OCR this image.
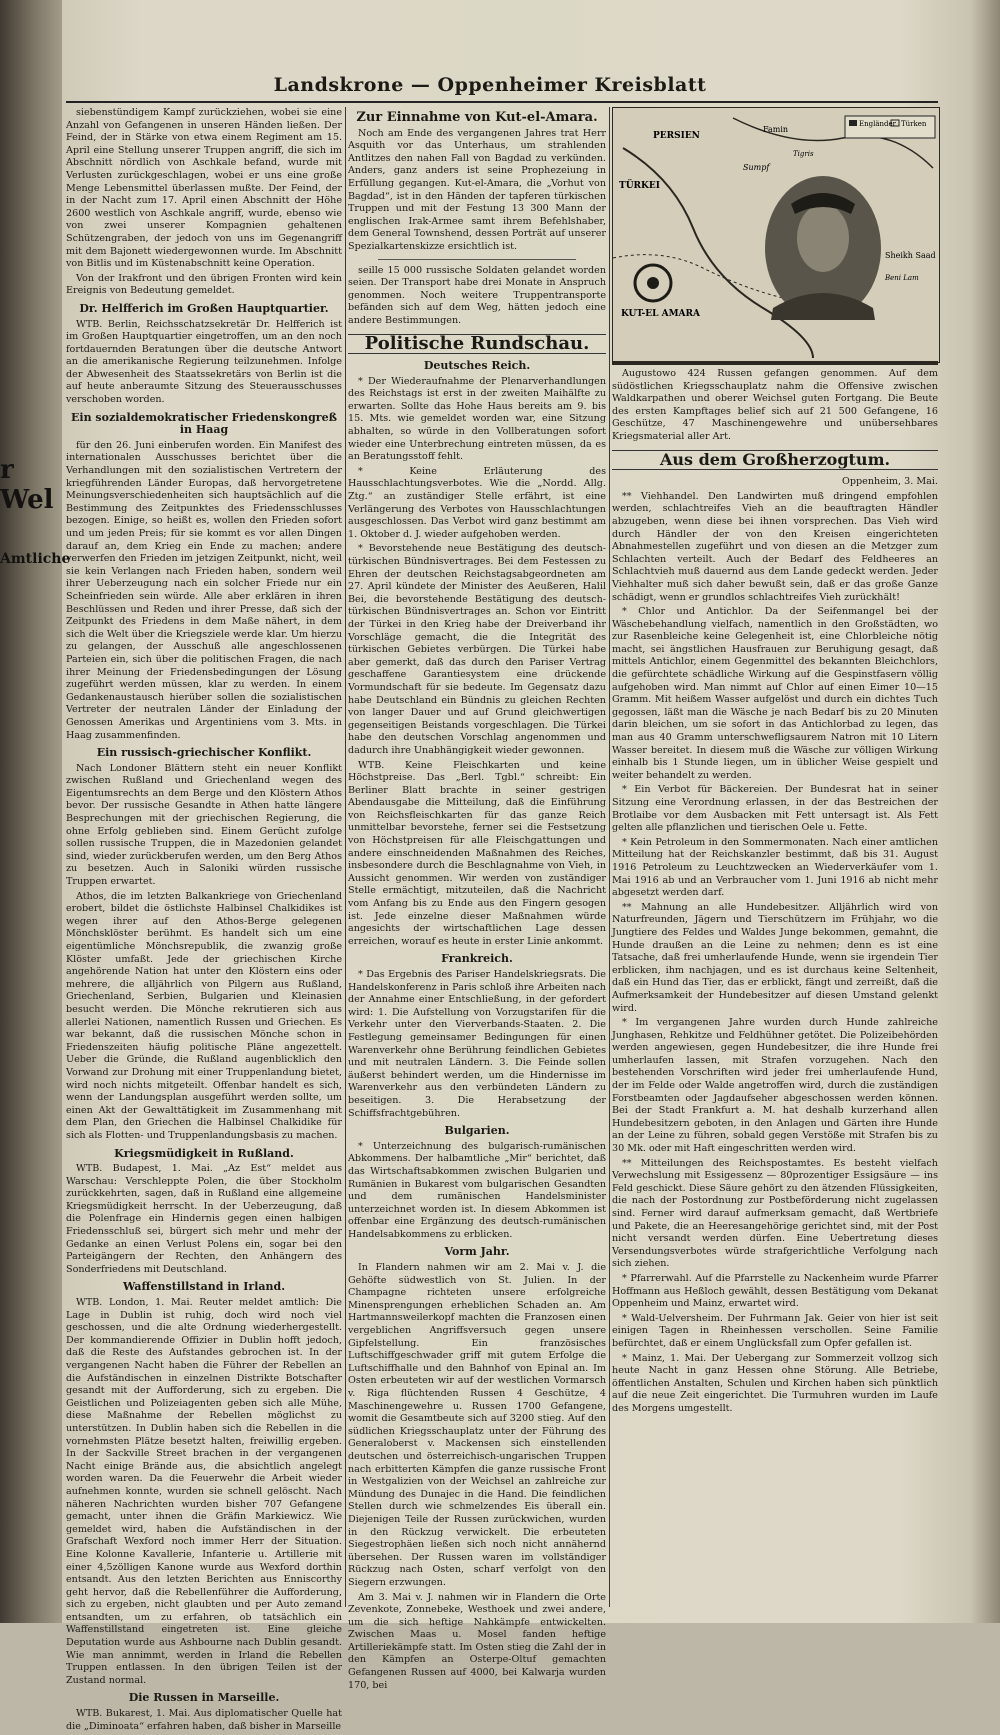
r Wel
Amtliche
Landskrone — Oppenheimer Kreisblatt

siebenstündigem Kampf zurückziehen, wobei sie eine Anzahl von Gefangenen in unseren Händen ließen. Der Feind, der in Stärke von etwa einem Regiment am 15. April eine Stellung unserer Truppen angriff, die sich im Abschnitt nördlich von Aschkale befand, wurde mit Verlusten zurückgeschlagen, wobei er uns eine große Menge Lebensmittel überlassen mußte. Der Feind, der in der Nacht zum 17. April einen Abschnitt der Höhe 2600 westlich von Aschkale angriff, wurde, ebenso wie von zwei unserer Kompagnien gehaltenen Schützengraben, der jedoch von uns im Gegenangriff mit dem Bajonett wiedergewonnen wurde. Im Abschnitt von Bitlis und im Küstenabschnitt keine Operation.

Von der Irakfront und den übrigen Fronten wird kein Ereignis von Bedeutung gemeldet.

Dr. Helfferich im Großen Hauptquartier.

WTB. Berlin, Reichsschatzsekretär Dr. Helfferich ist im Großen Hauptquartier eingetroffen, um an den noch fortdauernden Beratungen über die deutsche Antwort an die amerikanische Regierung teilzunehmen. Infolge der Abwesenheit des Staatssekretärs von Berlin ist die auf heute anberaumte Sitzung des Steuerausschusses verschoben worden.

Ein sozialdemokratischer Friedenskongreß in Haag

für den 26. Juni einberufen worden. Ein Manifest des internationalen Ausschusses berichtet über die Verhandlungen mit den sozialistischen Vertretern der kriegführenden Länder Europas, daß hervorgetretene Meinungsverschiedenheiten sich hauptsächlich auf die Bestimmung des Zeitpunktes des Friedensschlusses bezogen. Einige, so heißt es, wollen den Frieden sofort und um jeden Preis; für sie kommt es vor allen Dingen darauf an, dem Krieg ein Ende zu machen; andere verwerfen den Frieden im jetzigen Zeitpunkt, nicht, weil sie kein Verlangen nach Frieden haben, sondern weil ihrer Ueberzeugung nach ein solcher Friede nur ein Scheinfrieden sein würde. Alle aber erklären in ihren Beschlüssen und Reden und ihrer Presse, daß sich der Zeitpunkt des Friedens in dem Maße nähert, in dem sich die Welt über die Kriegsziele werde klar. Um hierzu zu gelangen, der Ausschuß alle angeschlossenen Parteien ein, sich über die politischen Fragen, die nach ihrer Meinung der Friedensbedingungen der Lösung zugeführt werden müssen, klar zu werden. In einem Gedankenaustausch hierüber sollen die sozialistischen Vertreter der neutralen Länder der Einladung der Genossen Amerikas und Argentiniens vom 3. Mts. in Haag zusammenfinden.

Ein russisch-griechischer Konflikt.

Nach Londoner Blättern steht ein neuer Konflikt zwischen Rußland und Griechenland wegen des Eigentumsrechts an dem Berge und den Klöstern Athos bevor. Der russische Gesandte in Athen hatte längere Besprechungen mit der griechischen Regierung, die ohne Erfolg geblieben sind. Einem Gerücht zufolge sollen russische Truppen, die in Mazedonien gelandet sind, wieder zurückberufen werden, um den Berg Athos zu besetzen. Auch in Saloniki würden russische Truppen erwartet.

Athos, die im letzten Balkankriege von Griechenland erobert, bildet die östlichste Halbinsel Chalkidikes ist wegen ihrer auf den Athos-Berge gelegenen Mönchsklöster berühmt. Es handelt sich um eine eigentümliche Mönchsrepublik, die zwanzig große Klöster umfaßt. Jede der griechischen Kirche angehörende Nation hat unter den Klöstern eins oder mehrere, die alljährlich von Pilgern aus Rußland, Griechenland, Serbien, Bulgarien und Kleinasien besucht werden. Die Mönche rekrutieren sich aus allerlei Nationen, namentlich Russen und Griechen. Es war bekannt, daß die russischen Mönche schon in Friedenszeiten häufig politische Pläne angezettelt. Ueber die Gründe, die Rußland augenblicklich den Vorwand zur Drohung mit einer Truppenlandung bietet, wird noch nichts mitgeteilt. Offenbar handelt es sich, wenn der Landungsplan ausgeführt werden sollte, um einen Akt der Gewalttätigkeit im Zusammenhang mit dem Plan, den Griechen die Halbinsel Chalkidike für sich als Flotten- und Truppenlandungsbasis zu machen.

Kriegsmüdigkeit in Rußland.

WTB. Budapest, 1. Mai. „Az Est“ meldet aus Warschau: Verschleppte Polen, die über Stockholm zurückkehrten, sagen, daß in Rußland eine allgemeine Kriegsmüdigkeit herrscht. In der Ueberzeugung, daß die Polenfrage ein Hindernis gegen einen halbigen Friedensschluß sei, bürgert sich mehr und mehr der Gedanke an einen Verlust Polens ein, sogar bei den Parteigängern der Rechten, den Anhängern des Sonderfriedens mit Deutschland.

Waffenstillstand in Irland.

WTB. London, 1. Mai. Reuter meldet amtlich: Die Lage in Dublin ist ruhig, doch wird noch viel geschossen, und die alte Ordnung wiederhergestellt. Der kommandierende Offizier in Dublin hofft jedoch, daß die Reste des Aufstandes gebrochen ist. In der vergangenen Nacht haben die Führer der Rebellen an die Aufständischen in einzelnen Distrikte Botschafter gesandt mit der Aufforderung, sich zu ergeben. Die Geistlichen und Polizeiagenten geben sich alle Mühe, diese Maßnahme der Rebellen möglichst zu unterstützen. In Dublin haben sich die Rebellen in die vornehmsten Plätze besetzt halten, freiwillig ergeben. In der Sackville Street brachen in der vergangenen Nacht einige Brände aus, die absichtlich angelegt worden waren. Da die Feuerwehr die Arbeit wieder aufnehmen konnte, wurden sie schnell gelöscht. Nach näheren Nachrichten wurden bisher 707 Gefangene gemacht, unter ihnen die Gräfin Markiewicz. Wie gemeldet wird, haben die Aufständischen in der Grafschaft Wexford noch immer Herr der Situation. Eine Kolonne Kavallerie, Infanterie u. Artillerie mit einer 4,5zölligen Kanone wurde aus Wexford dorthin entsandt. Aus den letzten Berichten aus Enniscorthy geht hervor, daß die Rebellenführer die Aufforderung, sich zu ergeben, nicht glaubten und per Auto zemand entsandten, um zu erfahren, ob tatsächlich ein Waffenstillstand eingetreten ist. Eine gleiche Deputation wurde aus Ashbourne nach Dublin gesandt. Wie man annimmt, werden in Irland die Rebellen Truppen entlassen. In den übrigen Teilen ist der Zustand normal.

Die Russen in Marseille.

WTB. Bukarest, 1. Mai. Aus diplomatischer Quelle hat die „Diminoata“ erfahren haben, daß bisher in Marseille

Zur Einnahme von Kut-el-Amara.

Noch am Ende des vergangenen Jahres trat Herr Asquith vor das Unterhaus, um strahlenden Antlitzes den nahen Fall von Bagdad zu verkünden. Anders, ganz anders ist seine Prophezeiung in Erfüllung gegangen. Kut-el-Amara, die „Vorhut von Bagdad“, ist in den Händen der tapferen türkischen Truppen und mit der Festung 13 300 Mann der englischen Irak-Armee samt ihrem Befehlshaber, dem General Townshend, dessen Porträt auf unserer Spezialkartenskizze ersichtlich ist.

seille 15 000 russische Soldaten gelandet worden seien. Der Transport habe drei Monate in Anspruch genommen. Noch weitere Truppentransporte befänden sich auf dem Weg, hätten jedoch eine andere Bestimmungen.

Politische Rundschau.
Deutsches Reich.

* Der Wiederaufnahme der Plenarverhandlungen des Reichstags ist erst in der zweiten Maihälfte zu erwarten. Sollte das Hohe Haus bereits am 9. bis 15. Mts. wie gemeldet worden war, eine Sitzung abhalten, so würde in den Vollberatungen sofort wieder eine Unterbrechung eintreten müssen, da es an Beratungsstoff fehlt.

* Keine Erläuterung des Hausschlachtungsverbotes. Wie die „Nordd. Allg. Ztg.“ an zuständiger Stelle erfährt, ist eine Verlängerung des Verbotes von Hausschlachtungen ausgeschlossen. Das Verbot wird ganz bestimmt am 1. Oktober d. J. wieder aufgehoben werden.

* Bevorstehende neue Bestätigung des deutsch-türkischen Bündnisvertrages. Bei dem Festessen zu Ehren der deutschen Reichstagsabgeordneten am 27. April kündete der Minister des Aeußeren, Halil Bei, die bevorstehende Bestätigung des deutsch-türkischen Bündnisvertrages an. Schon vor Eintritt der Türkei in den Krieg habe der Dreiverband ihr Vorschläge gemacht, die die Integrität des türkischen Gebietes verbürgen. Die Türkei habe aber gemerkt, daß das durch den Pariser Vertrag geschaffene Garantiesystem eine drückende Vormundschaft für sie bedeute. Im Gegensatz dazu habe Deutschland ein Bündnis zu gleichen Rechten von langer Dauer und auf Grund gleichwertigen gegenseitigen Beistands vorgeschlagen. Die Türkei habe den deutschen Vorschlag angenommen und dadurch ihre Unabhängigkeit wieder gewonnen.

WTB. Keine Fleischkarten und keine Höchstpreise. Das „Berl. Tgbl.“ schreibt: Ein Berliner Blatt brachte in seiner gestrigen Abendausgabe die Mitteilung, daß die Einführung von Reichsfleischkarten für das ganze Reich unmittelbar bevorstehe, ferner sei die Festsetzung von Höchstpreisen für alle Fleischgattungen und andere einschneidenden Maßnahmen des Reiches, insbesondere durch die Beschlagnahme von Vieh, in Aussicht genommen. Wir werden von zuständiger Stelle ermächtigt, mitzuteilen, daß die Nachricht vom Anfang bis zu Ende aus den Fingern gesogen ist. Jede einzelne dieser Maßnahmen würde angesichts der wirtschaftlichen Lage dessen erreichen, worauf es heute in erster Linie ankommt.

Frankreich.

* Das Ergebnis des Pariser Handelskriegsrats. Die Handelskonferenz in Paris schloß ihre Arbeiten nach der Annahme einer Entschließung, in der gefordert wird: 1. Die Aufstellung von Vorzugstarifen für die Verkehr unter den Vierverbands-Staaten. 2. Die Festlegung gemeinsamer Bedingungen für einen Warenverkehr ohne Berührung feindlichen Gebietes und mit neutralen Ländern. 3. Die Feinde sollen äußerst behindert werden, um die Hindernisse im Warenverkehr aus den verbündeten Ländern zu beseitigen. 3. Die Herabsetzung der Schiffsfrachtgebühren.

Bulgarien.

* Unterzeichnung des bulgarisch-rumänischen Abkommens. Der halbamtliche „Mir“ berichtet, daß das Wirtschaftsabkommen zwischen Bulgarien und Rumänien in Bukarest vom bulgarischen Gesandten und dem rumänischen Handelsminister unterzeichnet worden ist. In diesem Abkommen ist offenbar eine Ergänzung des deutsch-rumänischen Handelsabkommens zu erblicken.

Vorm Jahr.

In Flandern nahmen wir am 2. Mai v. J. die Gehöfte südwestlich von St. Julien. In der Champagne richteten unsere erfolgreiche Minensprengungen erheblichen Schaden an. Am Hartmannsweilerkopf machten die Franzosen einen vergeblichen Angriffsversuch gegen unsere Gipfelstellung. Ein französisches Luftschiffgeschwader griff mit gutem Erfolge die Luftschiffhalle und den Bahnhof von Epinal an. Im Osten erbeuteten wir auf der westlichen Vormarsch v. Riga flüchtenden Russen 4 Geschütze, 4 Maschinengewehre u. Russen 1700 Gefangene, womit die Gesamtbeute sich auf 3200 stieg. Auf den südlichen Kriegsschauplatz unter der Führung des Generaloberst v. Mackensen sich einstellenden deutschen und österreichisch-ungarischen Truppen nach erbitterten Kämpfen die ganze russische Front in Westgalizien von der Weichsel an zahlreiche zur Mündung des Dunajec in die Hand. Die feindlichen Stellen durch wie schmelzendes Eis überall ein. Diejenigen Teile der Russen zurückwichen, wurden in den Rückzug verwickelt. Die erbeuteten Siegestrophäen ließen sich noch nicht annähernd übersehen. Der Russen waren im vollständiger Rückzug nach Osten, scharf verfolgt von den Siegern erzwungen.

Am 3. Mai v. J. nahmen wir in Flandern die Orte Zevenkote, Zonnebeke, Westhoek und zwei andere, um die sich heftige Nahkämpfe entwickelten. Zwischen Maas u. Mosel fanden heftige Artilleriekämpfe statt. Im Osten stieg die Zahl der in den Kämpfen an Osterpe-Oltuf gemachten Gefangenen Russen auf 4000, bei Kalwarja wurden 170, bei

Engländer Türken
PERSIEN
TÜRKEI
Famin
Sumpf
KUT-EL AMARA
Sheikh Saad
Beni Lam
Tigris

Augustowo 424 Russen gefangen genommen. Auf dem südöstlichen Kriegsschauplatz nahm die Offensive zwischen Waldkarpathen und oberer Weichsel guten Fortgang. Die Beute des ersten Kampftages belief sich auf 21 500 Gefangene, 16 Geschütze, 47 Maschinengewehre und unübersehbares Kriegsmaterial aller Art.

Aus dem Großherzogtum.
Oppenheim, 3. Mai.

** Viehhandel. Den Landwirten muß dringend empfohlen werden, schlachtreifes Vieh an die beauftragten Händler abzugeben, wenn diese bei ihnen vorsprechen. Das Vieh wird durch Händler der von den Kreisen eingerichteten Abnahmestellen zugeführt und von diesen an die Metzger zum Schlachten verteilt. Auch der Bedarf des Feldheeres an Schlachtvieh muß dauernd aus dem Lande gedeckt werden. Jeder Viehhalter muß sich daher bewußt sein, daß er das große Ganze schädigt, wenn er grundlos schlachtreifes Vieh zurückhält!

* Chlor und Antichlor. Da der Seifenmangel bei der Wäschebehandlung vielfach, namentlich in den Großstädten, wo zur Rasenbleiche keine Gelegenheit ist, eine Chlorbleiche nötig macht, sei ängstlichen Hausfrauen zur Beruhigung gesagt, daß mittels Antichlor, einem Gegenmittel des bekannten Bleichchlors, die gefürchtete schädliche Wirkung auf die Gespinstfasern völlig aufgehoben wird. Man nimmt auf Chlor auf einen Eimer 10—15 Gramm. Mit heißem Wasser aufgelöst und durch ein dichtes Tuch gegossen, läßt man die Wäsche je nach Bedarf bis zu 20 Minuten darin bleichen, um sie sofort in das Antichlorbad zu legen, das man aus 40 Gramm unterschwefligsaurem Natron mit 10 Litern Wasser bereitet. In diesem muß die Wäsche zur völligen Wirkung einhalb bis 1 Stunde liegen, um in üblicher Weise gespielt und weiter behandelt zu werden.

* Ein Verbot für Bäckereien. Der Bundesrat hat in seiner Sitzung eine Verordnung erlassen, in der das Bestreichen der Brotlaibe vor dem Ausbacken mit Fett untersagt ist. Als Fett gelten alle pflanzlichen und tierischen Oele u. Fette.

* Kein Petroleum in den Sommermonaten. Nach einer amtlichen Mitteilung hat der Reichskanzler bestimmt, daß bis 31. August 1916 Petroleum zu Leuchtzwecken an Wiederverkäufer vom 1. Mai 1916 ab und an Verbraucher vom 1. Juni 1916 ab nicht mehr abgesetzt werden darf.

** Mahnung an alle Hundebesitzer. Alljährlich wird von Naturfreunden, Jägern und Tierschützern im Frühjahr, wo die Jungtiere des Feldes und Waldes Junge bekommen, gemahnt, die Hunde draußen an die Leine zu nehmen; denn es ist eine Tatsache, daß frei umherlaufende Hunde, wenn sie irgendein Tier erblicken, ihm nachjagen, und es ist durchaus keine Seltenheit, daß ein Hund das Tier, das er erblickt, fängt und zerreißt, daß die Aufmerksamkeit der Hundebesitzer auf diesen Umstand gelenkt wird.

* Im vergangenen Jahre wurden durch Hunde zahlreiche Junghasen, Rehkitze und Feldhühner getötet. Die Polizeibehörden werden angewiesen, gegen Hundebesitzer, die ihre Hunde frei umherlaufen lassen, mit Strafen vorzugehen. Nach den bestehenden Vorschriften wird jeder frei umherlaufende Hund, der im Felde oder Walde angetroffen wird, durch die zuständigen Forstbeamten oder Jagdaufseher abgeschossen werden können. Bei der Stadt Frankfurt a. M. hat deshalb kurzerhand allen Hundebesitzern geboten, in den Anlagen und Gärten ihre Hunde an der Leine zu führen, sobald gegen Verstöße mit Strafen bis zu 30 Mk. oder mit Haft eingeschritten werden wird.

** Mitteilungen des Reichspostamtes. Es besteht vielfach Verwechslung mit Essigessenz — 80prozentiger Essigsäure — ins Feld geschickt. Diese Säure gehört zu den ätzenden Flüssigkeiten, die nach der Postordnung zur Postbeförderung nicht zugelassen sind. Ferner wird darauf aufmerksam gemacht, daß Wertbriefe und Pakete, die an Heeresangehörige gerichtet sind, mit der Post nicht versandt werden dürfen. Eine Uebertretung dieses Versendungsverbotes würde strafgerichtliche Verfolgung nach sich ziehen.

* Pfarrerwahl. Auf die Pfarrstelle zu Nackenheim wurde Pfarrer Hoffmann aus Heßloch gewählt, dessen Bestätigung vom Dekanat Oppenheim und Mainz, erwartet wird.

* Wald-Uelversheim. Der Fuhrmann Jak. Geier von hier ist seit einigen Tagen in Rheinhessen verschollen. Seine Familie befürchtet, daß er einem Unglücksfall zum Opfer gefallen ist.

* Mainz, 1. Mai. Der Uebergang zur Sommerzeit vollzog sich heute Nacht in ganz Hessen ohne Störung. Alle Betriebe, öffentlichen Anstalten, Schulen und Kirchen haben sich pünktlich auf die neue Zeit eingerichtet. Die Turmuhren wurden im Laufe des Morgens umgestellt.
